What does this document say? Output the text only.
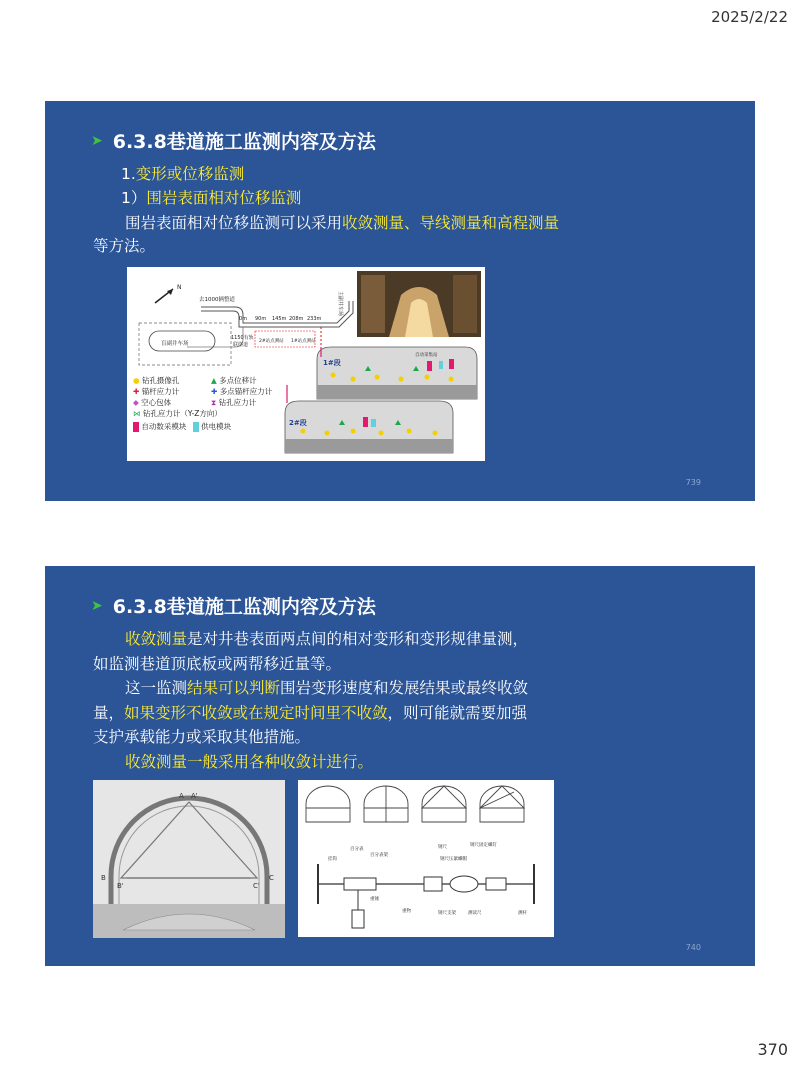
2025/2/22
➤ 6.3.8巷道施工监测内容及方法
1.变形或位移监测
1）围岩表面相对位移监测
围岩表面相对位移监测可以采用收敛测量、导线测量和高程测量等方法。
N
去1000辆整道	主副井车场
0m 90m 145m 208m 233m
盲副井车场
1150有轨
联络道
2#站点测站 1#站点测站
1#段
自动采集站
2#段
● 钻孔摄像孔	▲ 多点位移计
✚ 锚杆应力计	✚ 多点锚杆应力计
◆ 空心包体	⧗ 钻孔应力计
⋈ 钻孔应力计（Y-Z方向）
自动数采模块 供电模块
739
➤ 6.3.8巷道施工监测内容及方法
收敛测量是对井巷表面两点间的相对变形和变形规律量测，
如监测巷道顶底板或两帮移近量等。
这一监测结果可以判断围岩变形速度和发展结果或最终收敛
量，如果变形不收敛或在规定时间里不收敛，则可能就需要加强
支护承载能力或采取其他措施。
收敛测量一般采用各种收敛计进行。
A A'
B
B'
C
C'
百分表
百分表架
钢尺	钢尺固定螺钉
挂钩	钢尺压紧螺帽
钢尺支架	测读尺	测杆
重锤
重物
740
370
